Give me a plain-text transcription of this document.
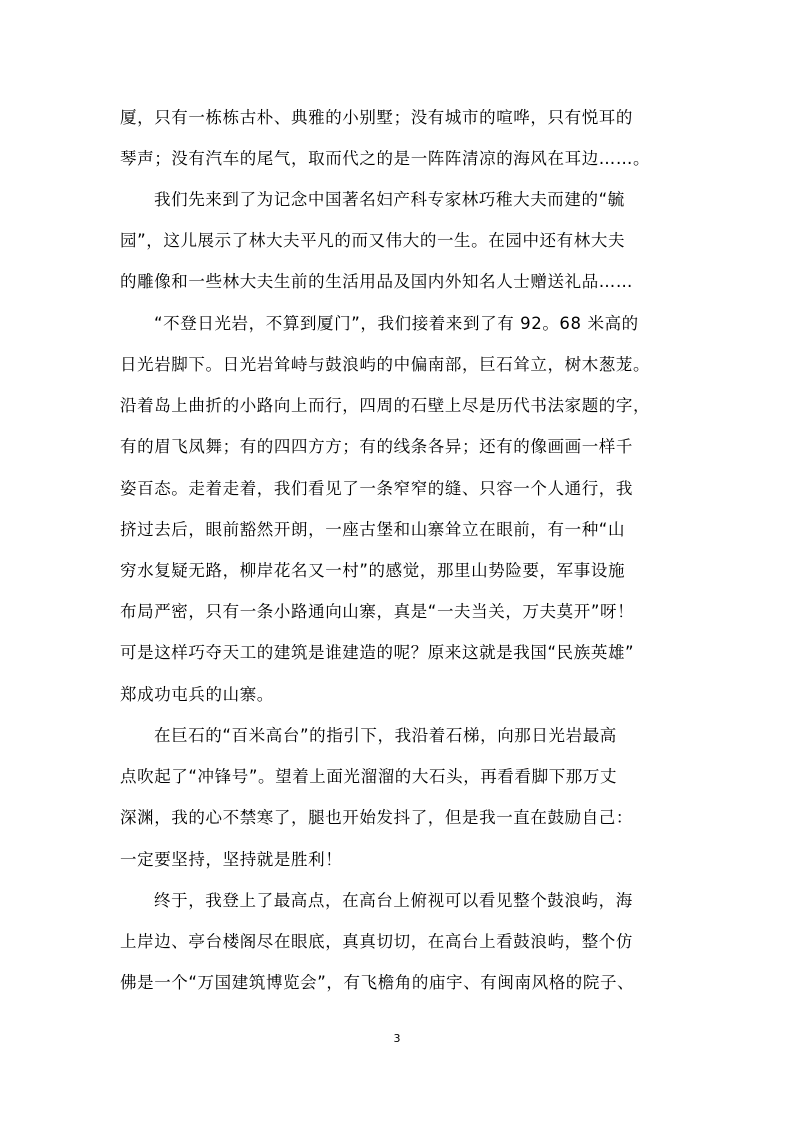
厦，只有一栋栋古朴、典雅的小别墅；没有城市的喧哗，只有悦耳的
琴声；没有汽车的尾气，取而代之的是一阵阵清凉的海风在耳边……。
我们先来到了为记念中国著名妇产科专家林巧稚大夫而建的“毓
园”，这儿展示了林大夫平凡的而又伟大的一生。在园中还有林大夫
的雕像和一些林大夫生前的生活用品及国内外知名人士赠送礼品……
“不登日光岩，不算到厦门”，我们接着来到了有 92。68 米高的
日光岩脚下。日光岩耸峙与鼓浪屿的中偏南部，巨石耸立，树木葱茏。
沿着岛上曲折的小路向上而行，四周的石壁上尽是历代书法家题的字，
有的眉飞凤舞；有的四四方方；有的线条各异；还有的像画画一样千
姿百态。走着走着，我们看见了一条窄窄的缝、只容一个人通行，我
挤过去后，眼前豁然开朗，一座古堡和山寨耸立在眼前，有一种“山
穷水复疑无路，柳岸花名又一村”的感觉，那里山势险要，军事设施
布局严密，只有一条小路通向山寨，真是“一夫当关，万夫莫开”呀！
可是这样巧夺天工的建筑是谁建造的呢？原来这就是我国“民族英雄”
郑成功屯兵的山寨。
在巨石的“百米高台”的指引下，我沿着石梯，向那日光岩最高
点吹起了“冲锋号”。望着上面光溜溜的大石头，再看看脚下那万丈
深渊，我的心不禁寒了，腿也开始发抖了，但是我一直在鼓励自己：
一定要坚持，坚持就是胜利！
终于，我登上了最高点，在高台上俯视可以看见整个鼓浪屿，海
上岸边、亭台楼阁尽在眼底，真真切切，在高台上看鼓浪屿，整个仿
佛是一个“万国建筑博览会”，有飞檐角的庙宇、有闽南风格的院子、
3
